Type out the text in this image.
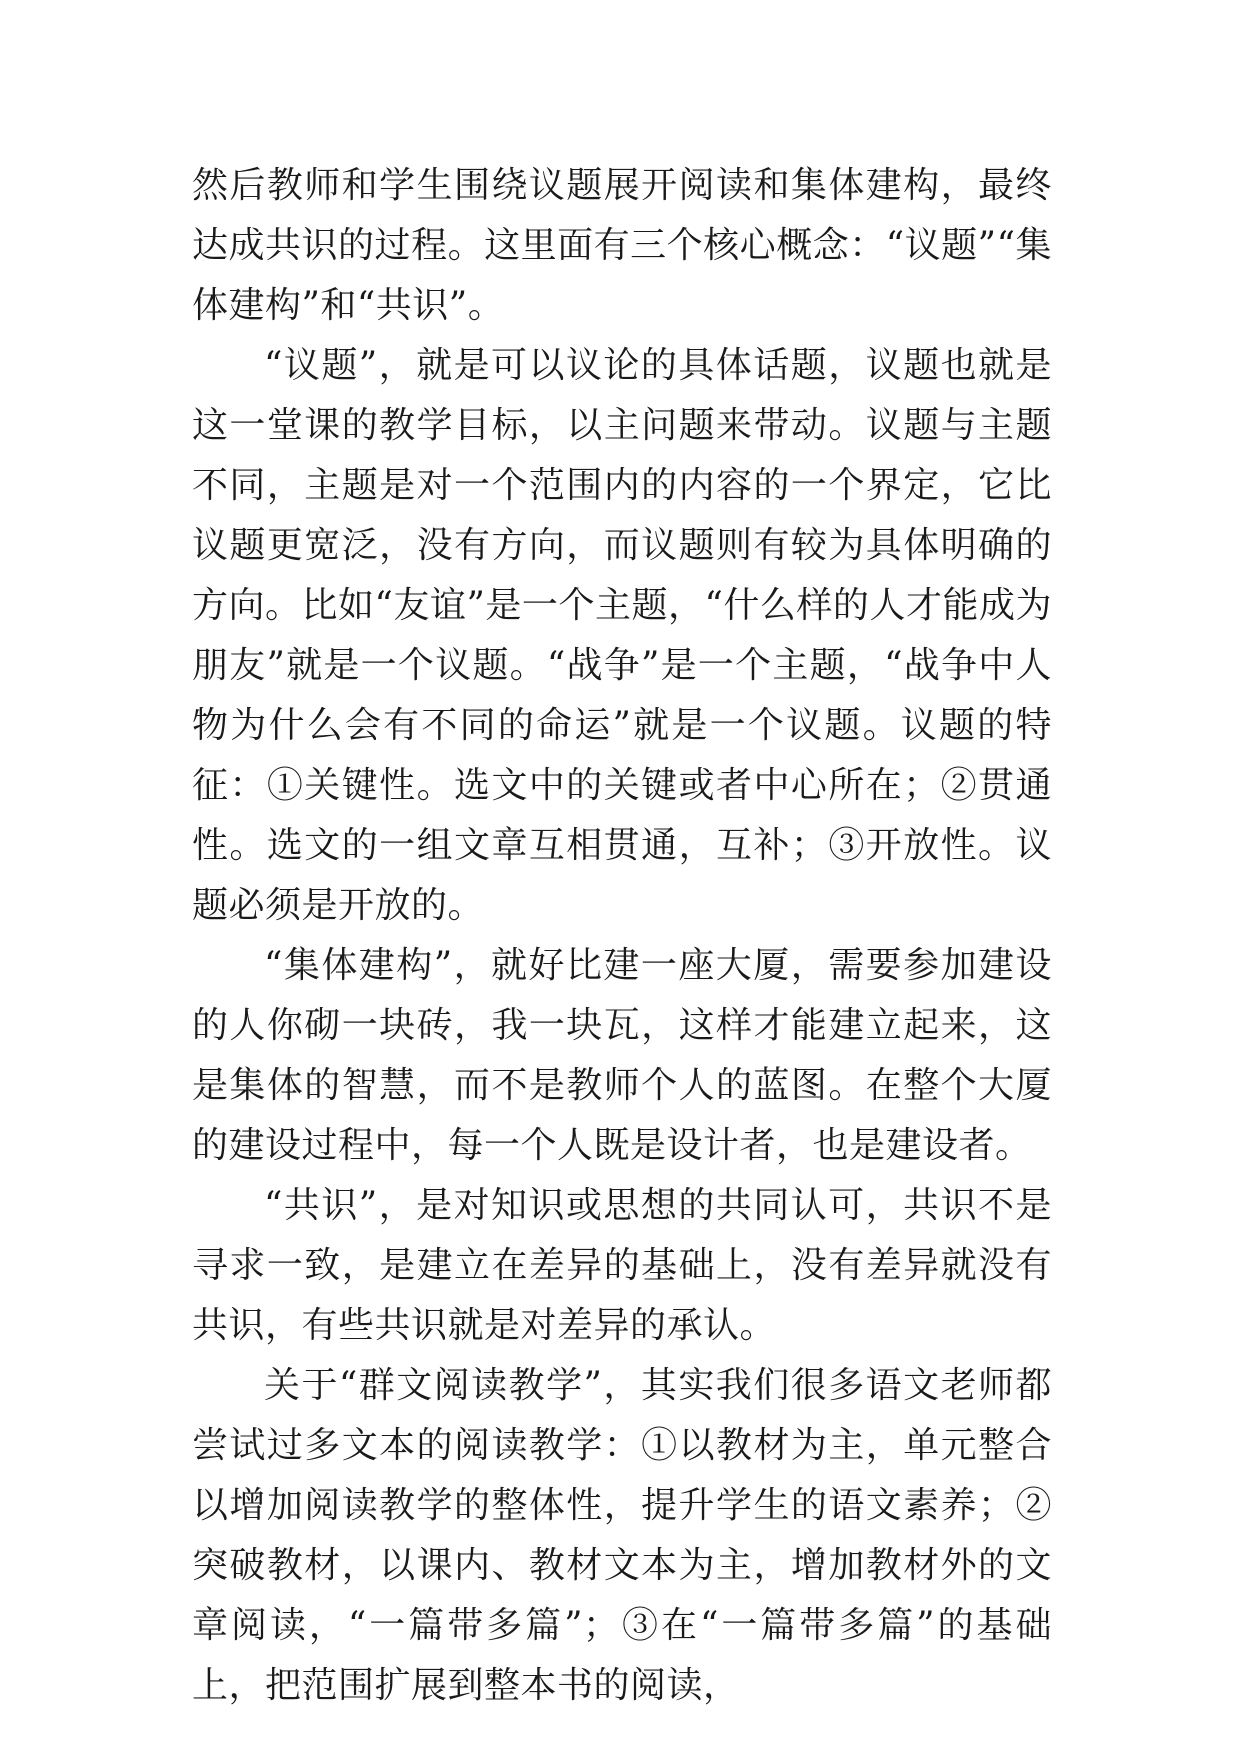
然后教师和学生围绕议题展开阅读和集体建构，最终达成共识的过程。这里面有三个核心概念：“议题”“集体建构”和“共识”。

“议题”，就是可以议论的具体话题，议题也就是这一堂课的教学目标，以主问题来带动。议题与主题不同，主题是对一个范围内的内容的一个界定，它比议题更宽泛，没有方向，而议题则有较为具体明确的方向。比如“友谊”是一个主题，“什么样的人才能成为朋友”就是一个议题。“战争”是一个主题，“战争中人物为什么会有不同的命运”就是一个议题。议题的特征：①关键性。选文中的关键或者中心所在；②贯通性。选文的一组文章互相贯通，互补；③开放性。议题必须是开放的。

“集体建构”，就好比建一座大厦，需要参加建设的人你砌一块砖，我一块瓦，这样才能建立起来，这是集体的智慧，而不是教师个人的蓝图。在整个大厦的建设过程中，每一个人既是设计者，也是建设者。

“共识”，是对知识或思想的共同认可，共识不是寻求一致，是建立在差异的基础上，没有差异就没有共识，有些共识就是对差异的承认。

关于“群文阅读教学”，其实我们很多语文老师都尝试过多文本的阅读教学：①以教材为主，单元整合以增加阅读教学的整体性，提升学生的语文素养；②突破教材，以课内、教材文本为主，增加教材外的文章阅读，“一篇带多篇”；③在“一篇带多篇”的基础上，把范围扩展到整本书的阅读，
